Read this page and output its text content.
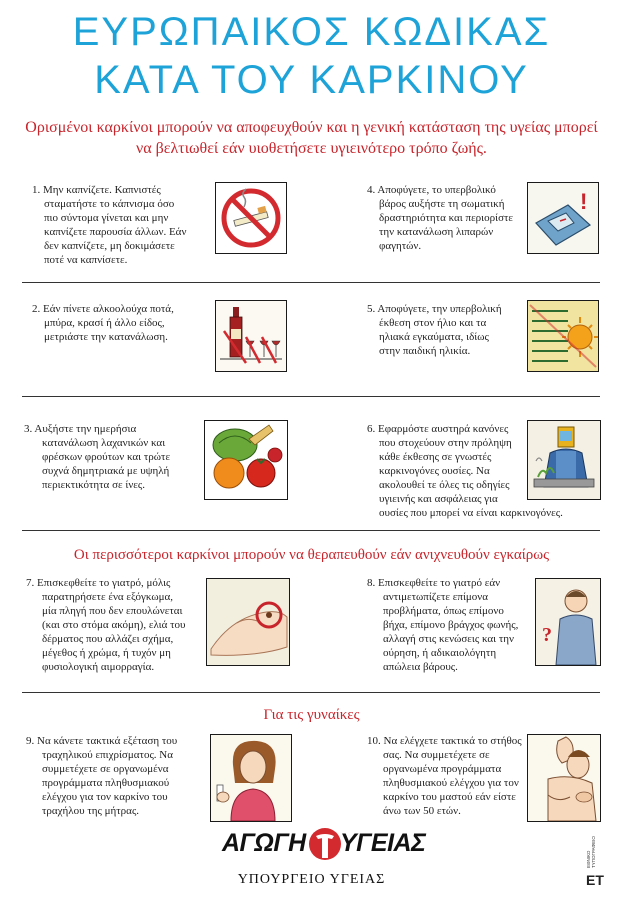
ΕΥΡΩΠΑΙΚΟΣ ΚΩΔΙΚΑΣ
ΚΑΤΑ ΤΟΥ ΚΑΡΚΙΝΟΥ
Ορισμένοι καρκίνοι μπορούν να αποφευχθούν και η γενική κατάσταση της υγείας μπορεί
να βελτιωθεί εάν υιοθετήσετε υγιεινότερο τρόπο ζωής.
1. Μην καπνίζετε. Καπνιστές
σταματήστε το κάπνισμα όσο
πιο σύντομα γίνεται και μην
καπνίζετε παρουσία άλλων. Εάν
δεν καπνίζετε, μη δοκιμάσετε
ποτέ να καπνίσετε.
4. Αποφύγετε, το υπερβολικό
βάρος αυξήστε τη σωματική
δραστηριότητα και περιορίστε
την κατανάλωση λιπαρών
φαγητών.
!
2. Εάν πίνετε αλκοολούχα ποτά,
μπύρα, κρασί ή άλλο είδος,
μετριάστε την κατανάλωση.
5. Αποφύγετε, την υπερβολική
έκθεση στον ήλιο και τα
ηλιακά εγκαύματα, ιδίως
στην παιδική ηλικία.
3. Αυξήστε την ημερήσια
κατανάλωση λαχανικών και
φρέσκων φρούτων και τρώτε
συχνά δημητριακά με υψηλή
περιεκτικότητα σε ίνες.
6. Εφαρμόστε αυστηρά κανόνες
που στοχεύουν στην πρόληψη
κάθε έκθεσης σε γνωστές
καρκινογόνες ουσίες. Να
ακολουθεί τε όλες τις οδηγίες
υγιεινής και ασφάλειας για
ουσίες που μπορεί να είναι καρκινογόνες.
Οι περισσότεροι καρκίνοι μπορούν να θεραπευθούν εάν ανιχνευθούν εγκαίρως
7. Επισκεφθείτε το γιατρό, μόλις
παρατηρήσετε ένα εξόγκωμα,
μία πληγή που δεν επουλώνεται
(και στο στόμα ακόμη), ελιά του
δέρματος που αλλάζει σχήμα,
μέγεθος ή χρώμα, ή τυχόν μη
φυσιολογική αιμορραγία.
8. Επισκεφθείτε το γιατρό εάν
αντιμετωπίζετε επίμονα
προβλήματα, όπως επίμονο
βήχα, επίμονο βράγχος φωνής,
αλλαγή στις κενώσεις και την
ούρηση, ή αδικαιολόγητη
απώλεια βάρους.
?
Για τις γυναίκες
9. Να κάνετε τακτικά εξέταση του
τραχηλικού επιχρίσματος. Να
συμμετέχετε σε οργανωμένα
προγράμματα πληθυσμιακού
ελέγχου για τον καρκίνο του
τραχήλου της μήτρας.
10. Να ελέγχετε τακτικά το στήθος
σας. Να συμμετέχετε σε
οργανωμένα προγράμματα
πληθυσμιακού ελέγχου για τον
καρκίνο του μαστού εάν είστε
άνω των 50 ετών.
ΑΓΩΓΗ ΥΓΕΙΑΣ
ΥΠΟΥΡΓΕΙΟ ΥΓΕΙΑΣ
ΕΘΝΙΚΟ ΤΥΠΟΓΡΑΦΕΙΟ
ΕΤ
